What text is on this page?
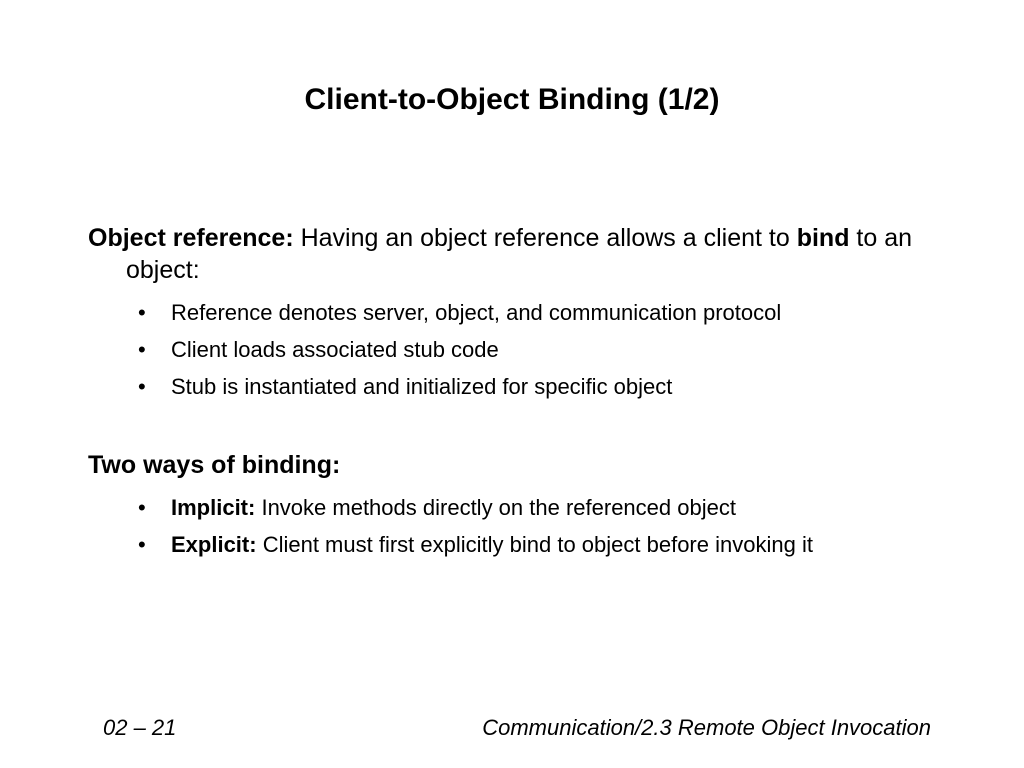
Client-to-Object Binding (1/2)

Object reference: Having an object reference allows a client to bind to an object:

• Reference denotes server, object, and communication protocol
• Client loads associated stub code
• Stub is instantiated and initialized for specific object

Two ways of binding:

• Implicit: Invoke methods directly on the referenced object
• Explicit: Client must first explicitly bind to object before invoking it
02 – 21	Communication/2.3 Remote Object Invocation
